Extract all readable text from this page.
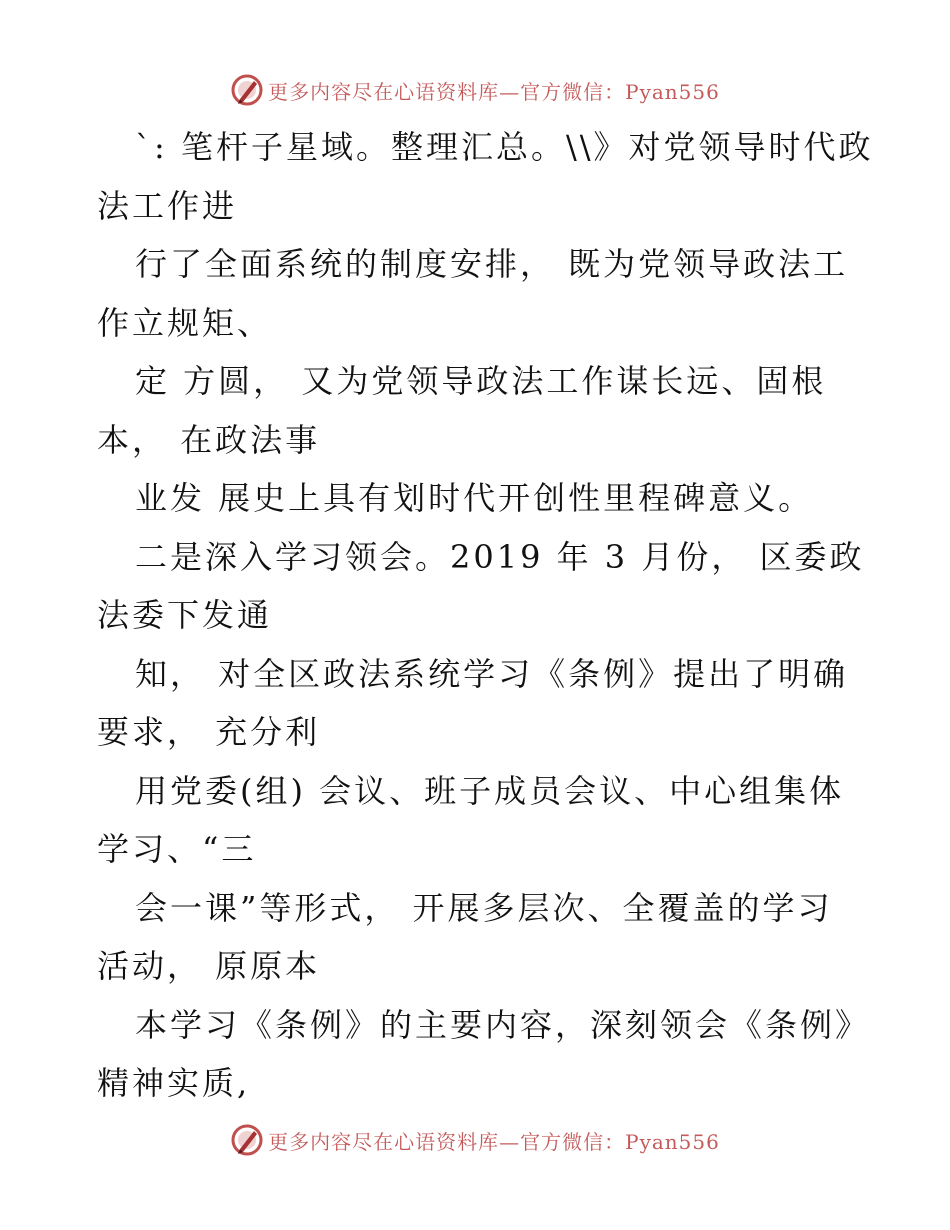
更多内容尽在心语资料库—官方微信：Pyan556
`: 笔杆子星域。整理汇总。\\》对党领导时代政
法工作进
行了全面系统的制度安排， 既为党领导政法工
作立规矩、
定 方圆， 又为党领导政法工作谋长远、固根
本， 在政法事
业发 展史上具有划时代开创性里程碑意义。
二是深入学习领会。2019 年 3 月份， 区委政
法委下发通
知， 对全区政法系统学习《条例》提出了明确
要求， 充分利
用党委(组) 会议、班子成员会议、中心组集体
学习、“三
会一课”等形式， 开展多层次、全覆盖的学习
活动， 原原本
本学习《条例》的主要内容，深刻领会《条例》
精神实质,
更多内容尽在心语资料库—官方微信：Pyan556
